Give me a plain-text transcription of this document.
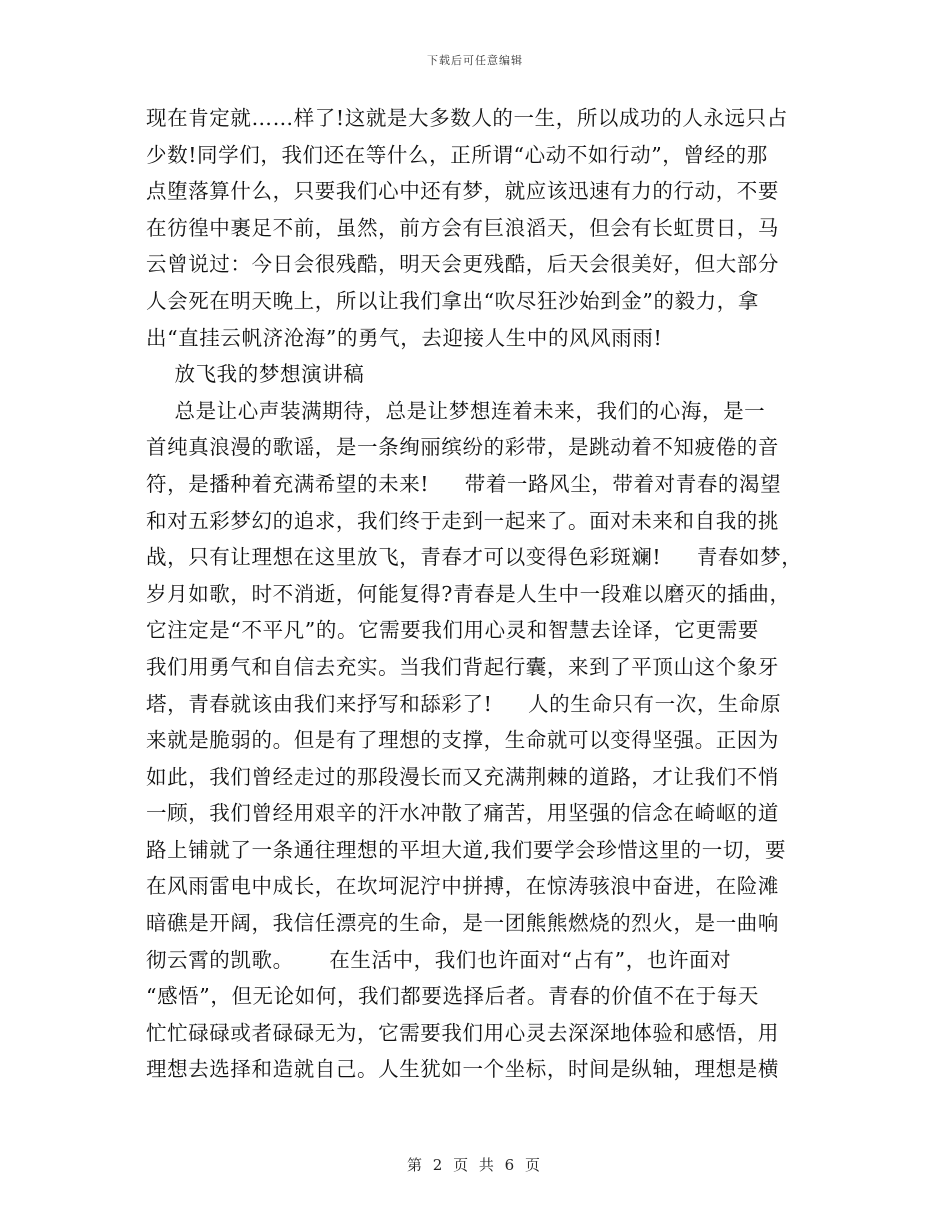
下载后可任意编辑
现在肯定就……样了!这就是大多数人的一生，所以成功的人永远只占
少数!同学们，我们还在等什么，正所谓“心动不如行动”，曾经的那
点堕落算什么，只要我们心中还有梦，就应该迅速有力的行动，不要
在彷徨中裹足不前，虽然，前方会有巨浪滔天，但会有长虹贯日，马
云曾说过：今日会很残酷，明天会更残酷，后天会很美好，但大部分
人会死在明天晚上，所以让我们拿出“吹尽狂沙始到金”的毅力，拿
出“直挂云帆济沧海”的勇气，去迎接人生中的风风雨雨!
放飞我的梦想演讲稿
总是让心声装满期待，总是让梦想连着未来，我们的心海，是一
首纯真浪漫的歌谣，是一条绚丽缤纷的彩带，是跳动着不知疲倦的音
符，是播种着充满希望的未来!     带着一路风尘，带着对青春的渴望
和对五彩梦幻的追求，我们终于走到一起来了。面对未来和自我的挑
战，只有让理想在这里放飞，青春才可以变得色彩斑斓!     青春如梦，
岁月如歌，时不消逝，何能复得?青春是人生中一段难以磨灭的插曲，
它注定是“不平凡”的。它需要我们用心灵和智慧去诠译，它更需要
我们用勇气和自信去充实。当我们背起行囊，来到了平顶山这个象牙
塔，青春就该由我们来抒写和舔彩了!     人的生命只有一次，生命原
来就是脆弱的。但是有了理想的支撑，生命就可以变得坚强。正因为
如此，我们曾经走过的那段漫长而又充满荆棘的道路，才让我们不悄
一顾，我们曾经用艰辛的汗水冲散了痛苦，用坚强的信念在崎岖的道
路上铺就了一条通往理想的平坦大道,我们要学会珍惜这里的一切，要
在风雨雷电中成长，在坎坷泥泞中拼搏，在惊涛骇浪中奋进，在险滩
暗礁是开阔，我信任漂亮的生命，是一团熊熊燃烧的烈火，是一曲响
彻云霄的凯歌。     在生活中，我们也许面对“占有”，也许面对
“感悟”，但无论如何，我们都要选择后者。青春的价值不在于每天
忙忙碌碌或者碌碌无为，它需要我们用心灵去深深地体验和感悟，用
理想去选择和造就自己。人生犹如一个坐标，时间是纵轴，理想是横
第 2 页 共 6 页
